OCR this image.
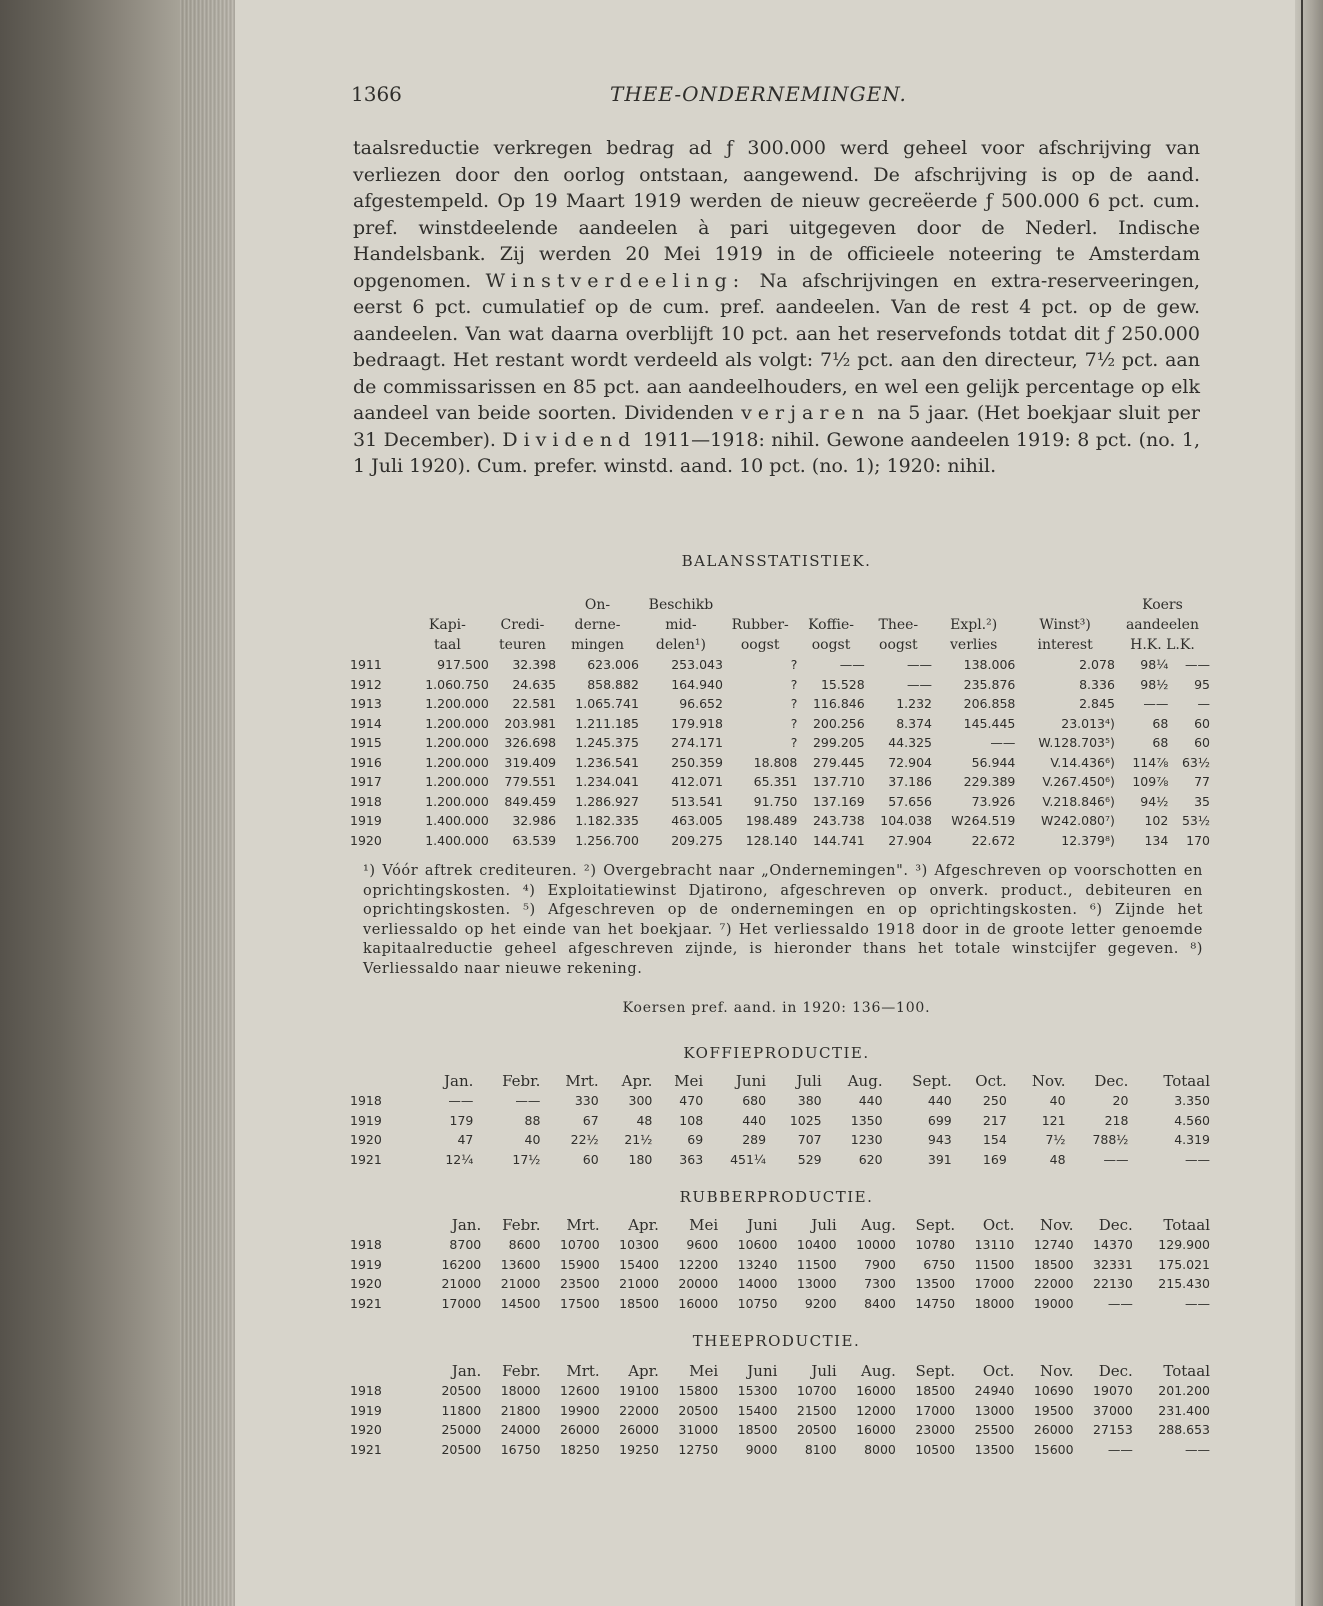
1366	THEE-ONDERNEMINGEN.

taalsreductie verkregen bedrag ad ƒ 300.000 werd geheel voor afschrijving van verliezen door den oorlog ontstaan, aangewend. De afschrijving is op de aand. afgestempeld. Op 19 Maart 1919 werden de nieuw gecreëerde ƒ 500.000 6 pct. cum. pref. winstdeelende aandeelen à pari uitgegeven door de Nederl. Indische Handelsbank. Zij werden 20 Mei 1919 in de officieele noteering te Amsterdam opgenomen. Winstverdeeling: Na afschrijvingen en extra-reserveeringen, eerst 6 pct. cumulatief op de cum. pref. aandeelen. Van de rest 4 pct. op de gew. aandeelen. Van wat daarna overblijft 10 pct. aan het reservefonds totdat dit ƒ 250.000 bedraagt. Het restant wordt verdeeld als volgt: 7½ pct. aan den directeur, 7½ pct. aan de commissarissen en 85 pct. aan aandeelhouders, en wel een gelijk percentage op elk aandeel van beide soorten. Dividenden verjaren na 5 jaar. (Het boekjaar sluit per 31 December). Dividend 1911—1918: nihil. Gewone aandeelen 1919: 8 pct. (no. 1, 1 Juli 1920). Cum. prefer. winstd. aand. 10 pct. (no. 1); 1920: nihil.

BALANSSTATISTIEK.
			On-	Beschikb						Koers	
	Kapi-	Credi-	derne-	mid-	Rubber-	Koffie-	Thee-	Expl.²)	Winst³)	aandeelen	
	taal	teuren	mingen	delen¹)	oogst	oogst	oogst	verlies	interest	H.K. L.K.	
1911	917.500	32.398	623.006	253.043	?	——	——	138.006	2.078	98¼	——
1912	1.060.750	24.635	858.882	164.940	?	15.528	——	235.876	8.336	98½	95
1913	1.200.000	22.581	1.065.741	96.652	?	116.846	1.232	206.858	2.845	——	—
1914	1.200.000	203.981	1.211.185	179.918	?	200.256	8.374	145.445	23.013⁴)	68	60
1915	1.200.000	326.698	1.245.375	274.171	?	299.205	44.325	——	W.128.703⁵)	68	60
1916	1.200.000	319.409	1.236.541	250.359	18.808	279.445	72.904	56.944	V.14.436⁶)	114⅞	63½
1917	1.200.000	779.551	1.234.041	412.071	65.351	137.710	37.186	229.389	V.267.450⁶)	109⅞	77
1918	1.200.000	849.459	1.286.927	513.541	91.750	137.169	57.656	73.926	V.218.846⁶)	94½	35
1919	1.400.000	32.986	1.182.335	463.005	198.489	243.738	104.038	W264.519	W242.080⁷)	102	53½
1920	1.400.000	63.539	1.256.700	209.275	128.140	144.741	27.904	22.672	12.379⁸)	134	170

¹) Vóór aftrek crediteuren. ²) Overgebracht naar „Ondernemingen". ³) Afgeschreven op voorschotten en oprichtingskosten. ⁴) Exploitatiewinst Djatirono, afgeschreven op onverk. product., debiteuren en oprichtingskosten. ⁵) Afgeschreven op de ondernemingen en op oprichtingskosten. ⁶) Zijnde het verliessaldo op het einde van het boekjaar. ⁷) Het verliessaldo 1918 door in de groote letter genoemde kapitaalreductie geheel afgeschreven zijnde, is hieronder thans het totale winstcijfer gegeven. ⁸) Verliessaldo naar nieuwe rekening.

Koersen pref. aand. in 1920: 136—100.
KOFFIEPRODUCTIE.
	Jan.	Febr.	Mrt.	Apr.	Mei	Juni	Juli	Aug.	Sept.	Oct.	Nov.	Dec.	Totaal
1918	——	——	330	300	470	680	380	440	440	250	40	20	3.350
1919	179	88	67	48	108	440	1025	1350	699	217	121	218	4.560
1920	47	40	22½	21½	69	289	707	1230	943	154	7½	788½	4.319
1921	12¼	17½	60	180	363	451¼	529	620	391	169	48	——	——
RUBBERPRODUCTIE.
	Jan.	Febr.	Mrt.	Apr.	Mei	Juni	Juli	Aug.	Sept.	Oct.	Nov.	Dec.	Totaal
1918	8700	8600	10700	10300	9600	10600	10400	10000	10780	13110	12740	14370	129.900
1919	16200	13600	15900	15400	12200	13240	11500	7900	6750	11500	18500	32331	175.021
1920	21000	21000	23500	21000	20000	14000	13000	7300	13500	17000	22000	22130	215.430
1921	17000	14500	17500	18500	16000	10750	9200	8400	14750	18000	19000	——	——
THEEPRODUCTIE.
	Jan.	Febr.	Mrt.	Apr.	Mei	Juni	Juli	Aug.	Sept.	Oct.	Nov.	Dec.	Totaal
1918	20500	18000	12600	19100	15800	15300	10700	16000	18500	24940	10690	19070	201.200
1919	11800	21800	19900	22000	20500	15400	21500	12000	17000	13000	19500	37000	231.400
1920	25000	24000	26000	26000	31000	18500	20500	16000	23000	25500	26000	27153	288.653
1921	20500	16750	18250	19250	12750	9000	8100	8000	10500	13500	15600	——	——
